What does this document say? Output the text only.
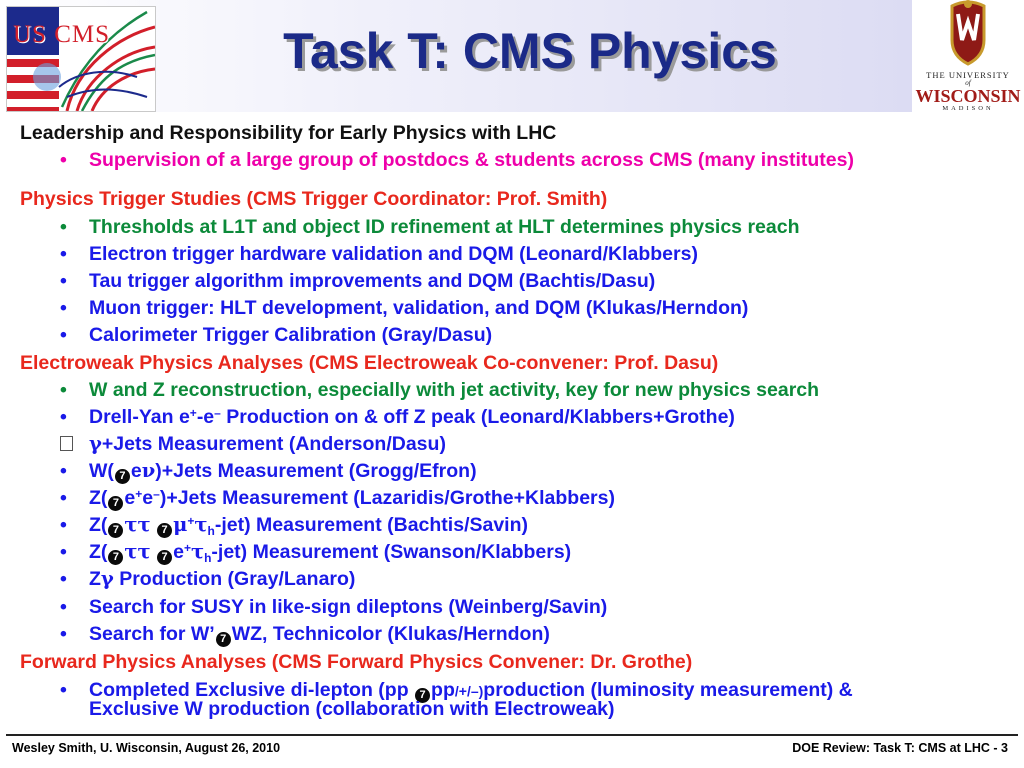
US CMS
THE UNIVERSITY
of
WISCONSIN
MADISON
Task T: CMS Physics
Leadership and Responsibility for Early Physics with LHC
• Supervision of a large group of postdocs & students across CMS (many institutes)
Physics Trigger Studies (CMS Trigger Coordinator: Prof. Smith)
• Thresholds at L1T and object ID refinement at HLT determines physics reach
• Electron trigger hardware validation and DQM (Leonard/Klabbers)
• Tau trigger algorithm improvements and DQM (Bachtis/Dasu)
• Muon trigger: HLT development, validation, and DQM (Klukas/Herndon)
• Calorimeter Trigger Calibration (Gray/Dasu)
Electroweak Physics Analyses (CMS Electroweak Co-convener: Prof. Dasu)
• W and Z reconstruction, especially with jet activity, key for new physics search
• Drell-Yan e+-e– Production on & off Z peak (Leonard/Klabbers+Grothe)
γ+Jets Measurement (Anderson/Dasu)
• W( 7 eν)+Jets Measurement (Grogg/Efron)
• Z( 7 e+e–)+Jets Measurement (Lazaridis/Grothe+Klabbers)
• Z( 7 ττ 7 $\mu^+\tau_h-jet$) Measurement (Bachtis/Savin)
• Z( 7 ττ 7 $e^+\tau_h-jet$) Measurement (Swanson/Klabbers)
• Zγ Production (Gray/Lanaro)
• Search for SUSY in like-sign dileptons (Weinberg/Savin)
• Search for W’ 7 WZ, Technicolor (Klukas/Herndon)
Forward Physics Analyses (CMS Forward Physics Convener: Dr. Grothe)
• Completed Exclusive di-lepton (pp 7 pp/+/–)production (luminosity measurement) &
Exclusive W production (collaboration with Electroweak)
Wesley Smith, U. Wisconsin, August 26, 2010	DOE Review: Task T: CMS at LHC - 3
